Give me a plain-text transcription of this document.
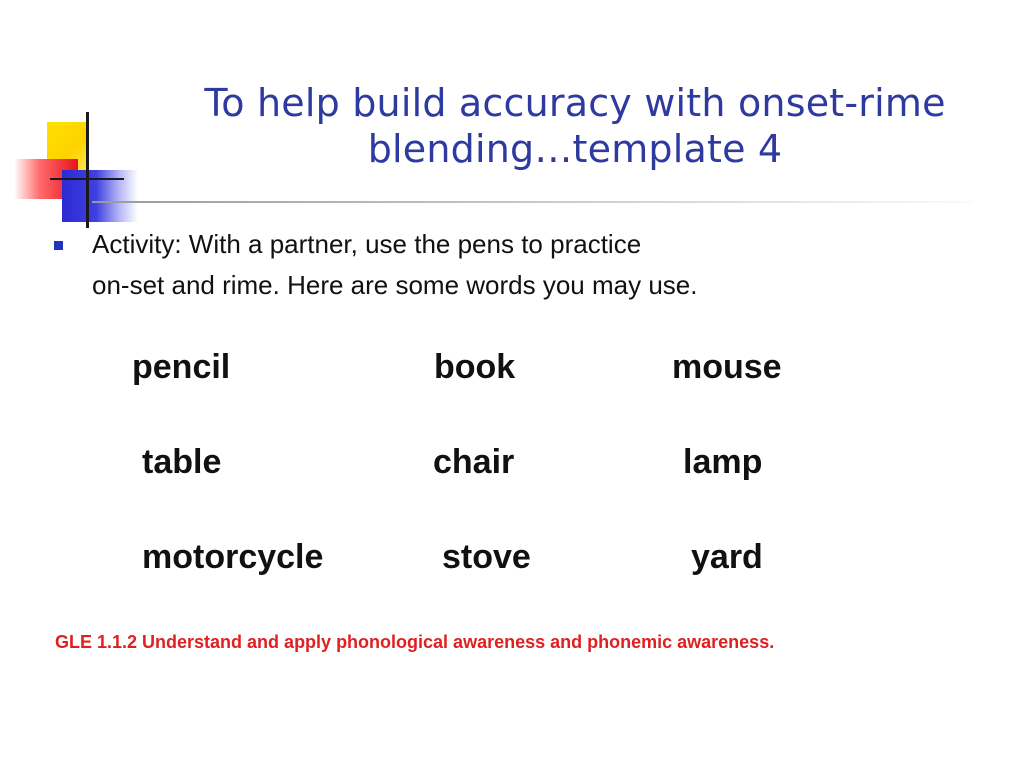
To help build accuracy with onset-rime
blending…template 4
Activity: With a partner, use the pens to practice
on-set and rime. Here are some words you may use.
pencil	book	mouse
table	chair	lamp
motorcycle	stove	yard
GLE 1.1.2 Understand and apply phonological awareness and phonemic awareness.
